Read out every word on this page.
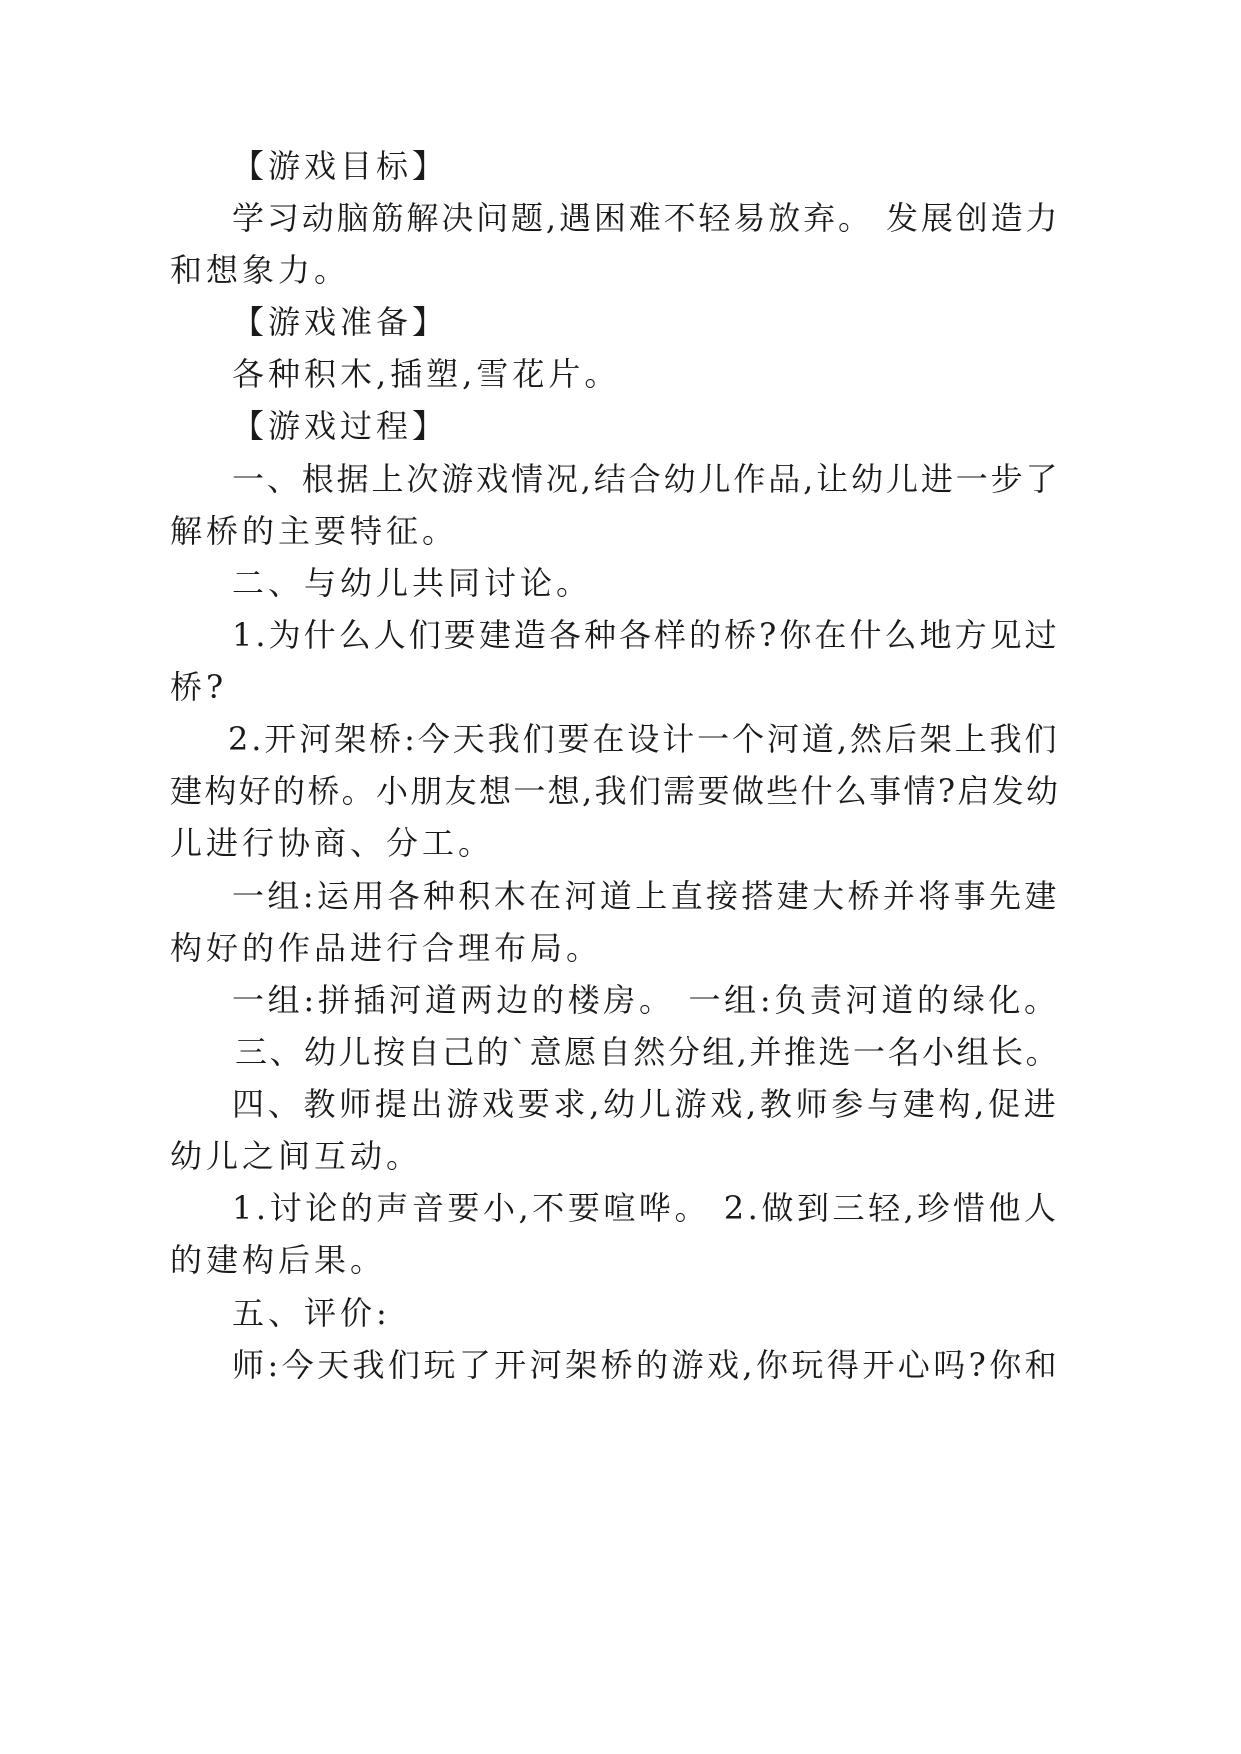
【游戏目标】
学习动脑筋解决问题,遇困难不轻易放弃。 发展创造力
和想象力。
【游戏准备】
各种积木,插塑,雪花片。
【游戏过程】
一、根据上次游戏情况,结合幼儿作品,让幼儿进一步了
解桥的主要特征。
二、与幼儿共同讨论。
1.为什么人们要建造各种各样的桥?你在什么地方见过
桥?
2.开河架桥:今天我们要在设计一个河道,然后架上我们
建构好的桥。小朋友想一想,我们需要做些什么事情?启发幼
儿进行协商、分工。
一组:运用各种积木在河道上直接搭建大桥并将事先建
构好的作品进行合理布局。
一组:拼插河道两边的楼房。 一组:负责河道的绿化。
三、幼儿按自己的`意愿自然分组,并推选一名小组长。
四、教师提出游戏要求,幼儿游戏,教师参与建构,促进
幼儿之间互动。
1.讨论的声音要小,不要喧哗。 2.做到三轻,珍惜他人
的建构后果。
五、评价:
师:今天我们玩了开河架桥的游戏,你玩得开心吗?你和
